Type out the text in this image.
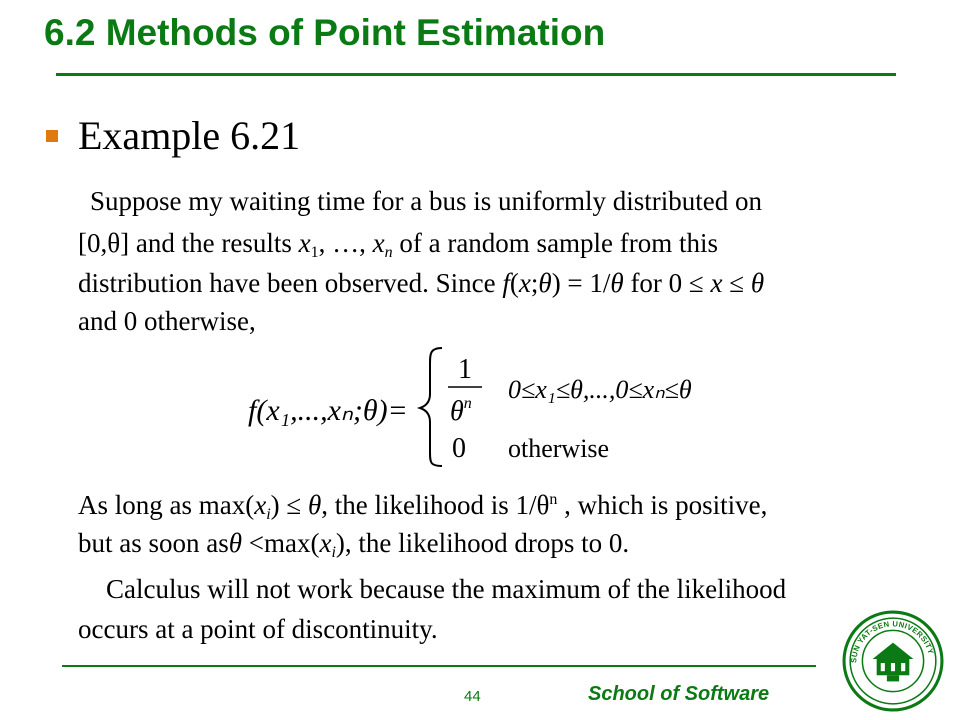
6.2 Methods of Point Estimation
Example 6.21
Suppose my waiting time for a bus is uniformly distributed on
[0,θ] and the results $x_1$, …, $x_n$ of a random sample from this
distribution have been observed. Since f(x;θ) = 1/θ for 0 ≤ x ≤ θ
and 0 otherwise,
f(x₁,...,xₙ;θ)=
1
$\theta^n$ 0≤x₁≤θ,...,0≤xₙ≤θ
0 otherwise
As long as $\max(x_i) \le \theta$, the likelihood is $1/\theta^n$ , which is positive,
but as soon $as\theta <\max(x_i)$, the likelihood drops to 0.
Calculus will not work because the maximum of the likelihood
occurs at a point of discontinuity.
44	School of Software
SUN YAT-SEN UNIVERSITY
